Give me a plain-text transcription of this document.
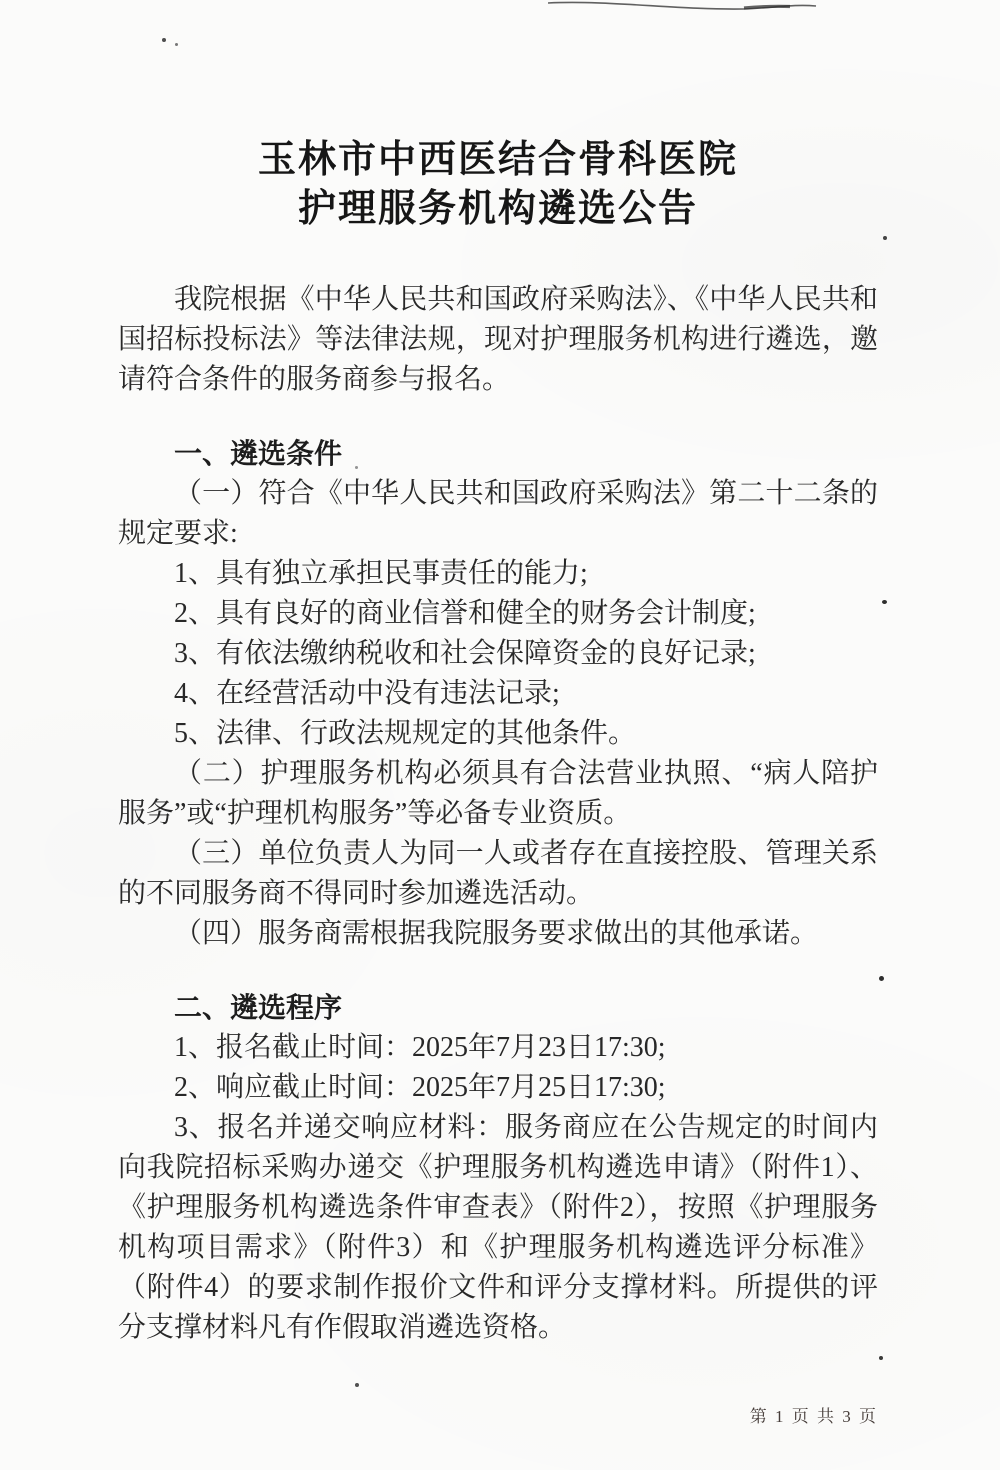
玉林市中西医结合骨科医院
护理服务机构遴选公告

我院根据《中华人民共和国政府采购法》、《中华人民共和国招标投标法》等法律法规，现对护理服务机构进行遴选，邀请符合条件的服务商参与报名。

一、遴选条件

（一）符合《中华人民共和国政府采购法》第二十二条的规定要求:

1、具有独立承担民事责任的能力;

2、具有良好的商业信誉和健全的财务会计制度;

3、有依法缴纳税收和社会保障资金的良好记录;

4、在经营活动中没有违法记录;

5、法律、行政法规规定的其他条件。

（二）护理服务机构必须具有合法营业执照、“病人陪护服务”或“护理机构服务”等必备专业资质。

（三）单位负责人为同一人或者存在直接控股、管理关系的不同服务商不得同时参加遴选活动。

（四）服务商需根据我院服务要求做出的其他承诺。

二、遴选程序

1、报名截止时间：2025年7月23日17:30;

2、响应截止时间：2025年7月25日17:30;

3、报名并递交响应材料：服务商应在公告规定的时间内向我院招标采购办递交《护理服务机构遴选申请》（附件1）、《护理服务机构遴选条件审查表》（附件2），按照《护理服务机构项目需求》（附件3）和《护理服务机构遴选评分标准》（附件4）的要求制作报价文件和评分支撑材料。所提供的评分支撑材料凡有作假取消遴选资格。

第 1 页 共 3 页
